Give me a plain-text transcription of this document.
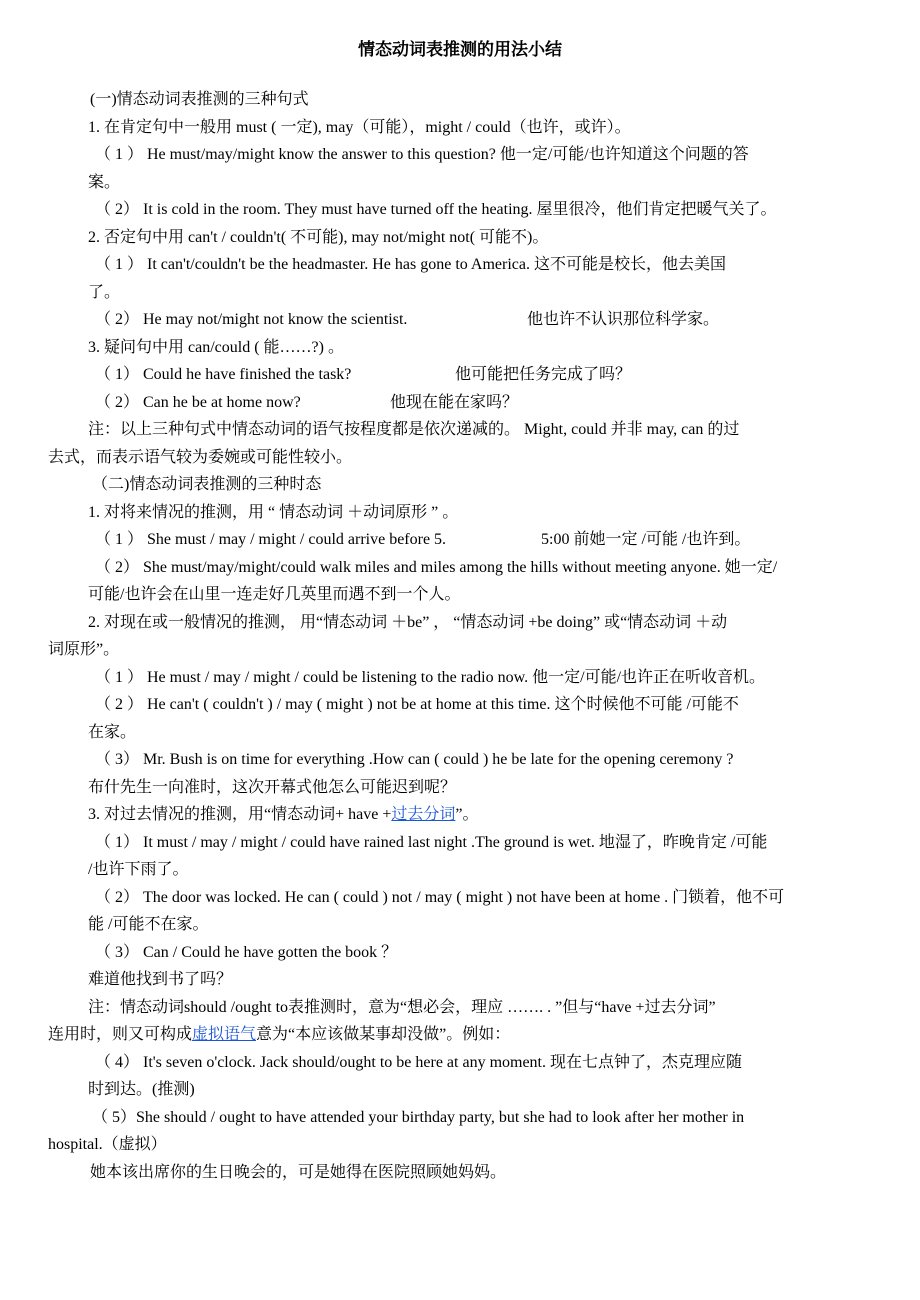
情态动词表推测的用法小结
(一)情态动词表推测的三种句式
1. 在肯定句中一般用 must ( 一定), may（可能），might / could（也许，或许）。
（ 1 ） He must/may/might know the answer to this question? 他一定/可能/也许知道这个问题的答
案。
（ 2） It is cold in the room. They must have turned off the heating. 屋里很冷，他们肯定把暖气关了。
2. 否定句中用 can't / couldn't( 不可能), may not/might not( 可能不)。
（ 1 ） It can't/couldn't be the headmaster. He has gone to America. 这不可能是校长，他去美国
了。
（ 2） He may not/might not know the scientist.	他也许不认识那位科学家。
3. 疑问句中用 can/could ( 能……?) 。
（ 1） Could he have finished the task?	他可能把任务完成了吗？
（ 2） Can he be at home now?	他现在能在家吗？
注：以上三种句式中情态动词的语气按程度都是依次递减的。 Might, could 并非 may, can 的过
去式，而表示语气较为委婉或可能性较小。
（二)情态动词表推测的三种时态
1. 对将来情况的推测，用 “ 情态动词 ＋动词原形 ” 。
（ 1 ） She must / may / might / could arrive before 5.	5:00 前她一定 /可能 /也许到。
（ 2） She must/may/might/could walk miles and miles among the hills without meeting anyone. 她一定/
可能/也许会在山里一连走好几英里而遇不到一个人。
2. 对现在或一般情况的推测， 用“情态动词 ＋be” ， “情态动词 +be doing” 或“情态动词 ＋动
词原形”。
（ 1 ） He must / may / might / could be listening to the radio now. 他一定/可能/也许正在听收音机。
（ 2 ） He can't ( couldn't ) / may ( might ) not be at home at this time. 这个时候他不可能 /可能不
在家。
（ 3） Mr. Bush is on time for everything .How can ( could ) he be late for the opening ceremony ?
布什先生一向准时，这次开幕式他怎么可能迟到呢？
3. 对过去情况的推测，用“情态动词+ have +过去分词”。
（ 1） It must / may / might / could have rained last night .The ground is wet. 地湿了，昨晚肯定 /可能
/也许下雨了。
（ 2） The door was locked. He can ( could ) not / may ( might ) not have been at home . 门锁着，他不可
能 /可能不在家。
（ 3） Can / Could he have gotten the book ？
难道他找到书了吗？
注：情态动词should /ought to表推测时，意为“想必会，理应 ……. . ”但与“have +过去分词”
连用时，则又可构成虚拟语气意为“本应该做某事却没做”。例如：
（ 4） It's seven o'clock. Jack should/ought to be here at any moment. 现在七点钟了，杰克理应随
时到达。(推测)
（ 5）She should / ought to have attended your birthday party, but she had to look after her mother in
hospital.（虚拟）
她本该出席你的生日晚会的，可是她得在医院照顾她妈妈。
